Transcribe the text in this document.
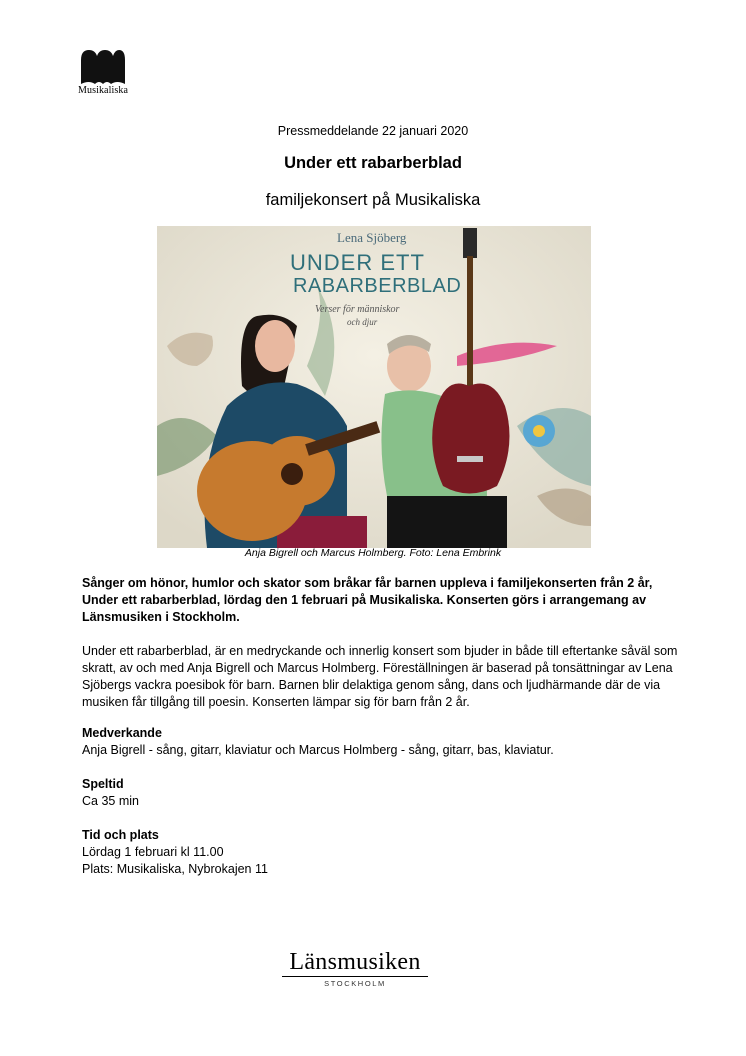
Musikaliska
Pressmeddelande 22 januari 2020
Under ett rabarberblad
familjekonsert på Musikaliska
Lena Sjöberg
UNDER ETT
RABARBERBLAD
Verser för människor
och djur
Anja Bigrell och Marcus Holmberg. Foto: Lena Embrink

Sånger om hönor, humlor och skator som bråkar får barnen uppleva i familjekonserten från 2 år, Under ett rabarberblad, lördag den 1 februari på Musikaliska. Konserten görs i arrangemang av Länsmusiken i Stockholm.

Under ett rabarberblad, är en medryckande och innerlig konsert som bjuder in både till eftertanke såväl som skratt, av och med Anja Bigrell och Marcus Holmberg. Föreställningen är baserad på tonsättningar av Lena Sjöbergs vackra poesibok för barn. Barnen blir delaktiga genom sång, dans och ljudhärmande där de via musiken får tillgång till poesin. Konserten lämpar sig för barn från 2 år.

Medverkande
Anja Bigrell - sång, gitarr, klaviatur och Marcus Holmberg - sång, gitarr, bas, klaviatur.
Speltid
Ca 35 min
Tid och plats
Lördag 1 februari kl 11.00
Plats: Musikaliska, Nybrokajen 11
Länsmusiken
STOCKHOLM
